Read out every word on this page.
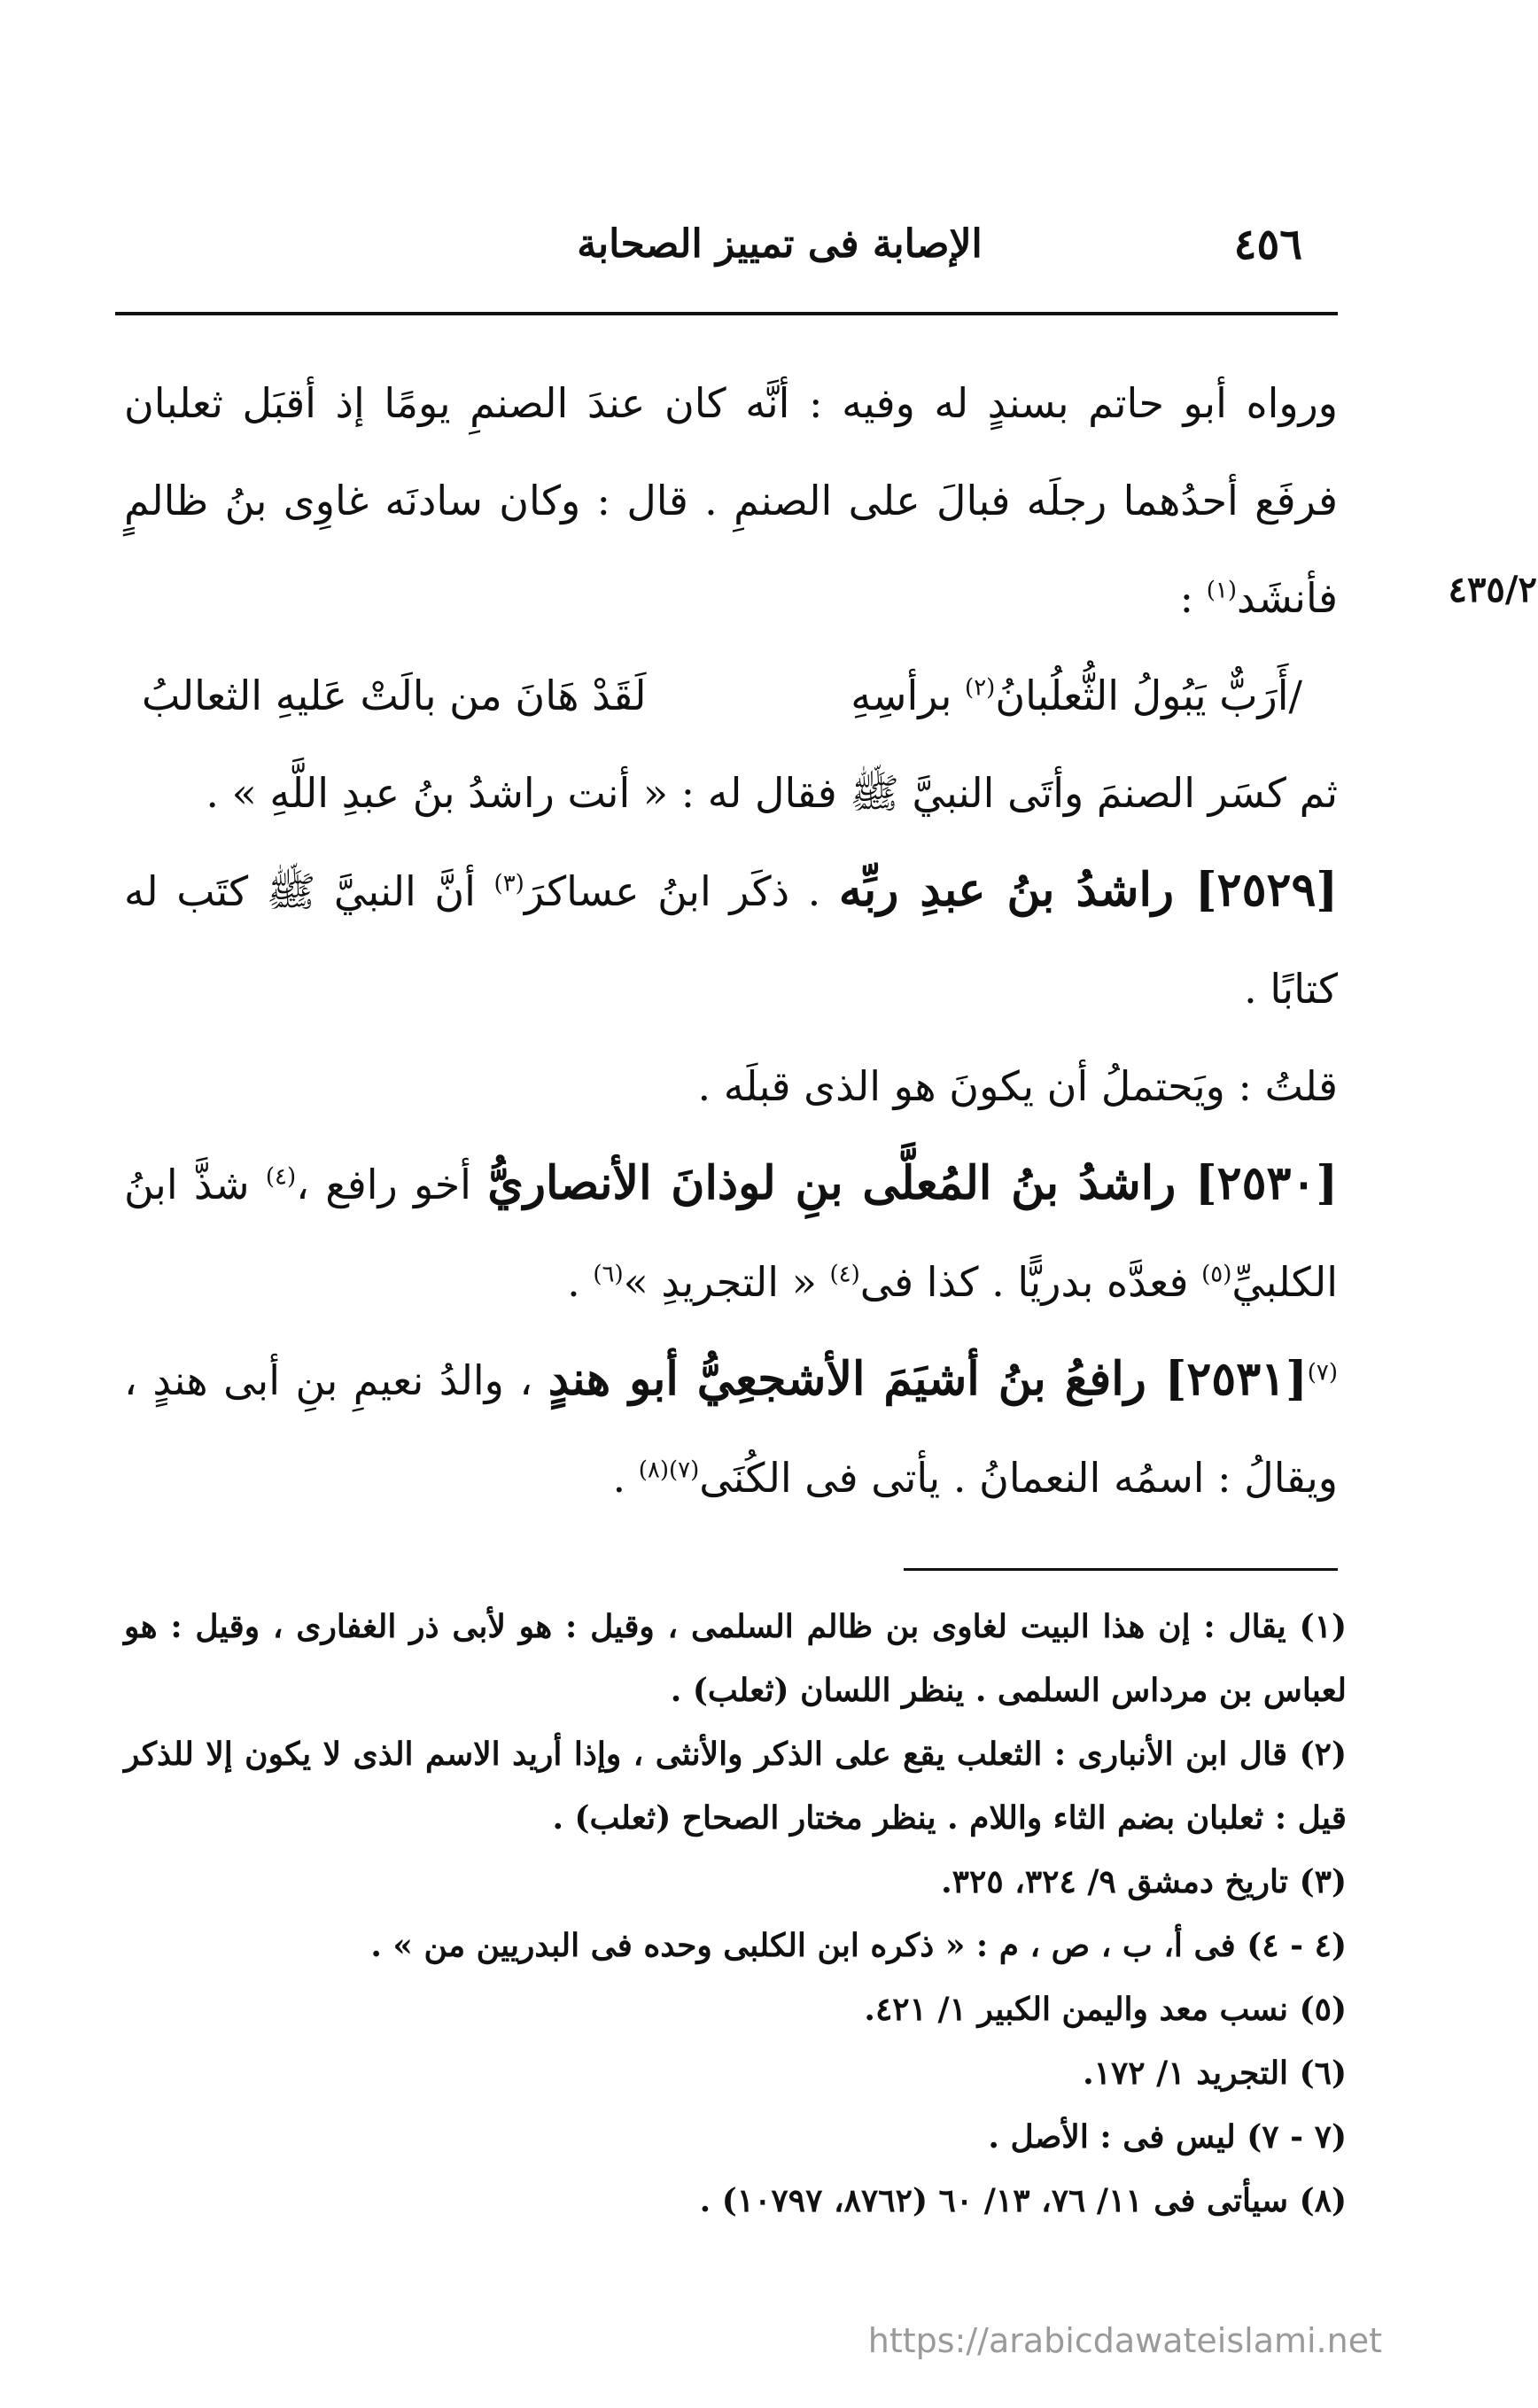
٤٥٦
الإصابة فى تمييز الصحابة
٤٣٥/٢

ورواه أبو حاتم بسندٍ له وفيه : أنَّه كان عندَ الصنمِ يومًا إذ أقبَل ثعلبان فرفَع أحدُهما رجلَه فبالَ على الصنمِ . قال : وكان سادنَه غاوِى بنُ ظالمٍ فأنشَد$^{(١)}$ :

/أَرَبٌّ يَبُولُ الثُّعلُبانُ$^{(٢)}$ برأسِهِ
لَقَدْ هَانَ من بالَتْ عَليهِ الثعالبُ

ثم كسَر الصنمَ وأتَى النبيَّ ﷺ فقال له : « أنت راشدُ بنُ عبدِ اللَّهِ » .

[٢٥٢٩] راشدُ بنُ عبدِ ربِّه . ذكَر ابنُ عساكرَ$^{(٣)}$ أنَّ النبيَّ ﷺ كتَب له كتابًا .

قلتُ : ويَحتملُ أن يكونَ هو الذى قبلَه .

[٢٥٣٠] راشدُ بنُ المُعلَّى بنِ لوذانَ الأنصاريُّ أخو رافع ،$^{(٤)}$ شذَّ ابنُ الكلبيِّ$^{(٥)}$ فعدَّه بدريًّا . كذا فى$^{(٤)}$ « التجريدِ »$^{(٦)}$ .

$^{(٧)}$[٢٥٣١] رافعُ بنُ أشيَمَ الأشجعِيُّ أبو هندٍ ، والدُ نعيمِ بنِ أبى هندٍ ، ويقالُ : اسمُه النعمانُ . يأتى فى الكُنَى$^{(٧)(٨)}$ .

(١) يقال : إن هذا البيت لغاوى بن ظالم السلمى ، وقيل : هو لأبى ذر الغفارى ، وقيل : هو لعباس بن مرداس السلمى . ينظر اللسان (ثعلب) .

(٢) قال ابن الأنبارى : الثعلب يقع على الذكر والأنثى ، وإذا أريد الاسم الذى لا يكون إلا للذكر قيل : ثعلبان بضم الثاء واللام . ينظر مختار الصحاح (ثعلب) .

(٣) تاريخ دمشق ٩/ ٣٢٤، ٣٢٥.

(٤ - ٤) فى أ، ب ، ص ، م : « ذكره ابن الكلبى وحده فى البدريين من » .

(٥) نسب معد واليمن الكبير ١/ ٤٢١.

(٦) التجريد ١/ ١٧٢.

(٧ - ٧) ليس فى : الأصل .

(٨) سيأتى فى ١١/ ٧٦، ١٣/ ٦٠ (٨٧٦٢، ١٠٧٩٧) .

https://arabicdawateislami.net
